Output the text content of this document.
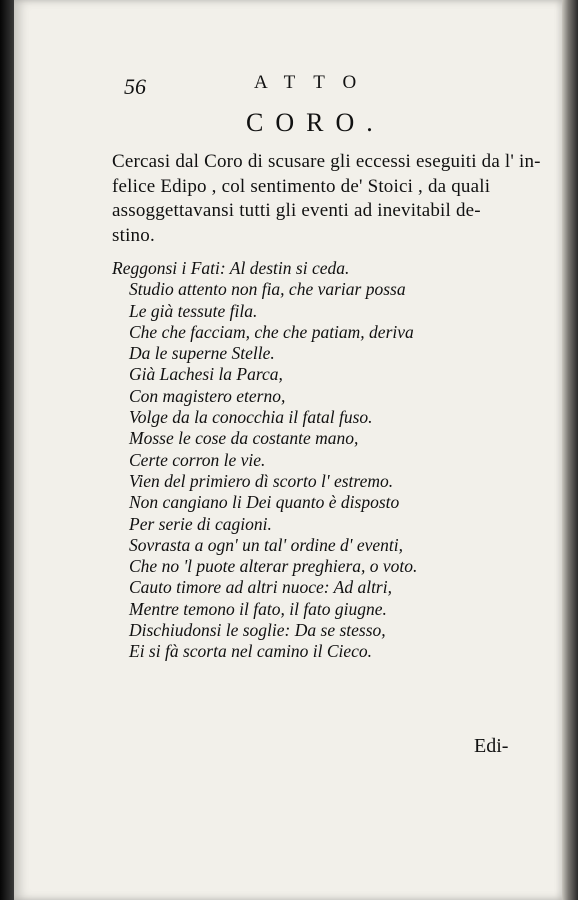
56	ATTO
CORO.
Cercasi dal Coro di scusare gli eccessi eseguiti da l' in-
felice Edipo , col sentimento de' Stoici , da quali
assoggettavansi tutti gli eventi ad inevitabil de-
stino.
Reggonsi i Fati: Al destin si ceda.
Studio attento non fia, che variar possa
Le già tessute fila.
Che che facciam, che che patiam, deriva
Da le superne Stelle.
Già Lachesi la Parca,
Con magistero eterno,
Volge da la conocchia il fatal fuso.
Mosse le cose da costante mano,
Certe corron le vie.
Vien del primiero dì scorto l' estremo.
Non cangiano li Dei quanto è disposto
Per serie di cagioni.
Sovrasta a ogn' un tal' ordine d' eventi,
Che no 'l puote alterar preghiera, o voto.
Cauto timore ad altri nuoce: Ad altri,
Mentre temono il fato, il fato giugne.
Dischiudonsi le soglie: Da se stesso,
Ei si fà scorta nel camino il Cieco.
Edi-
